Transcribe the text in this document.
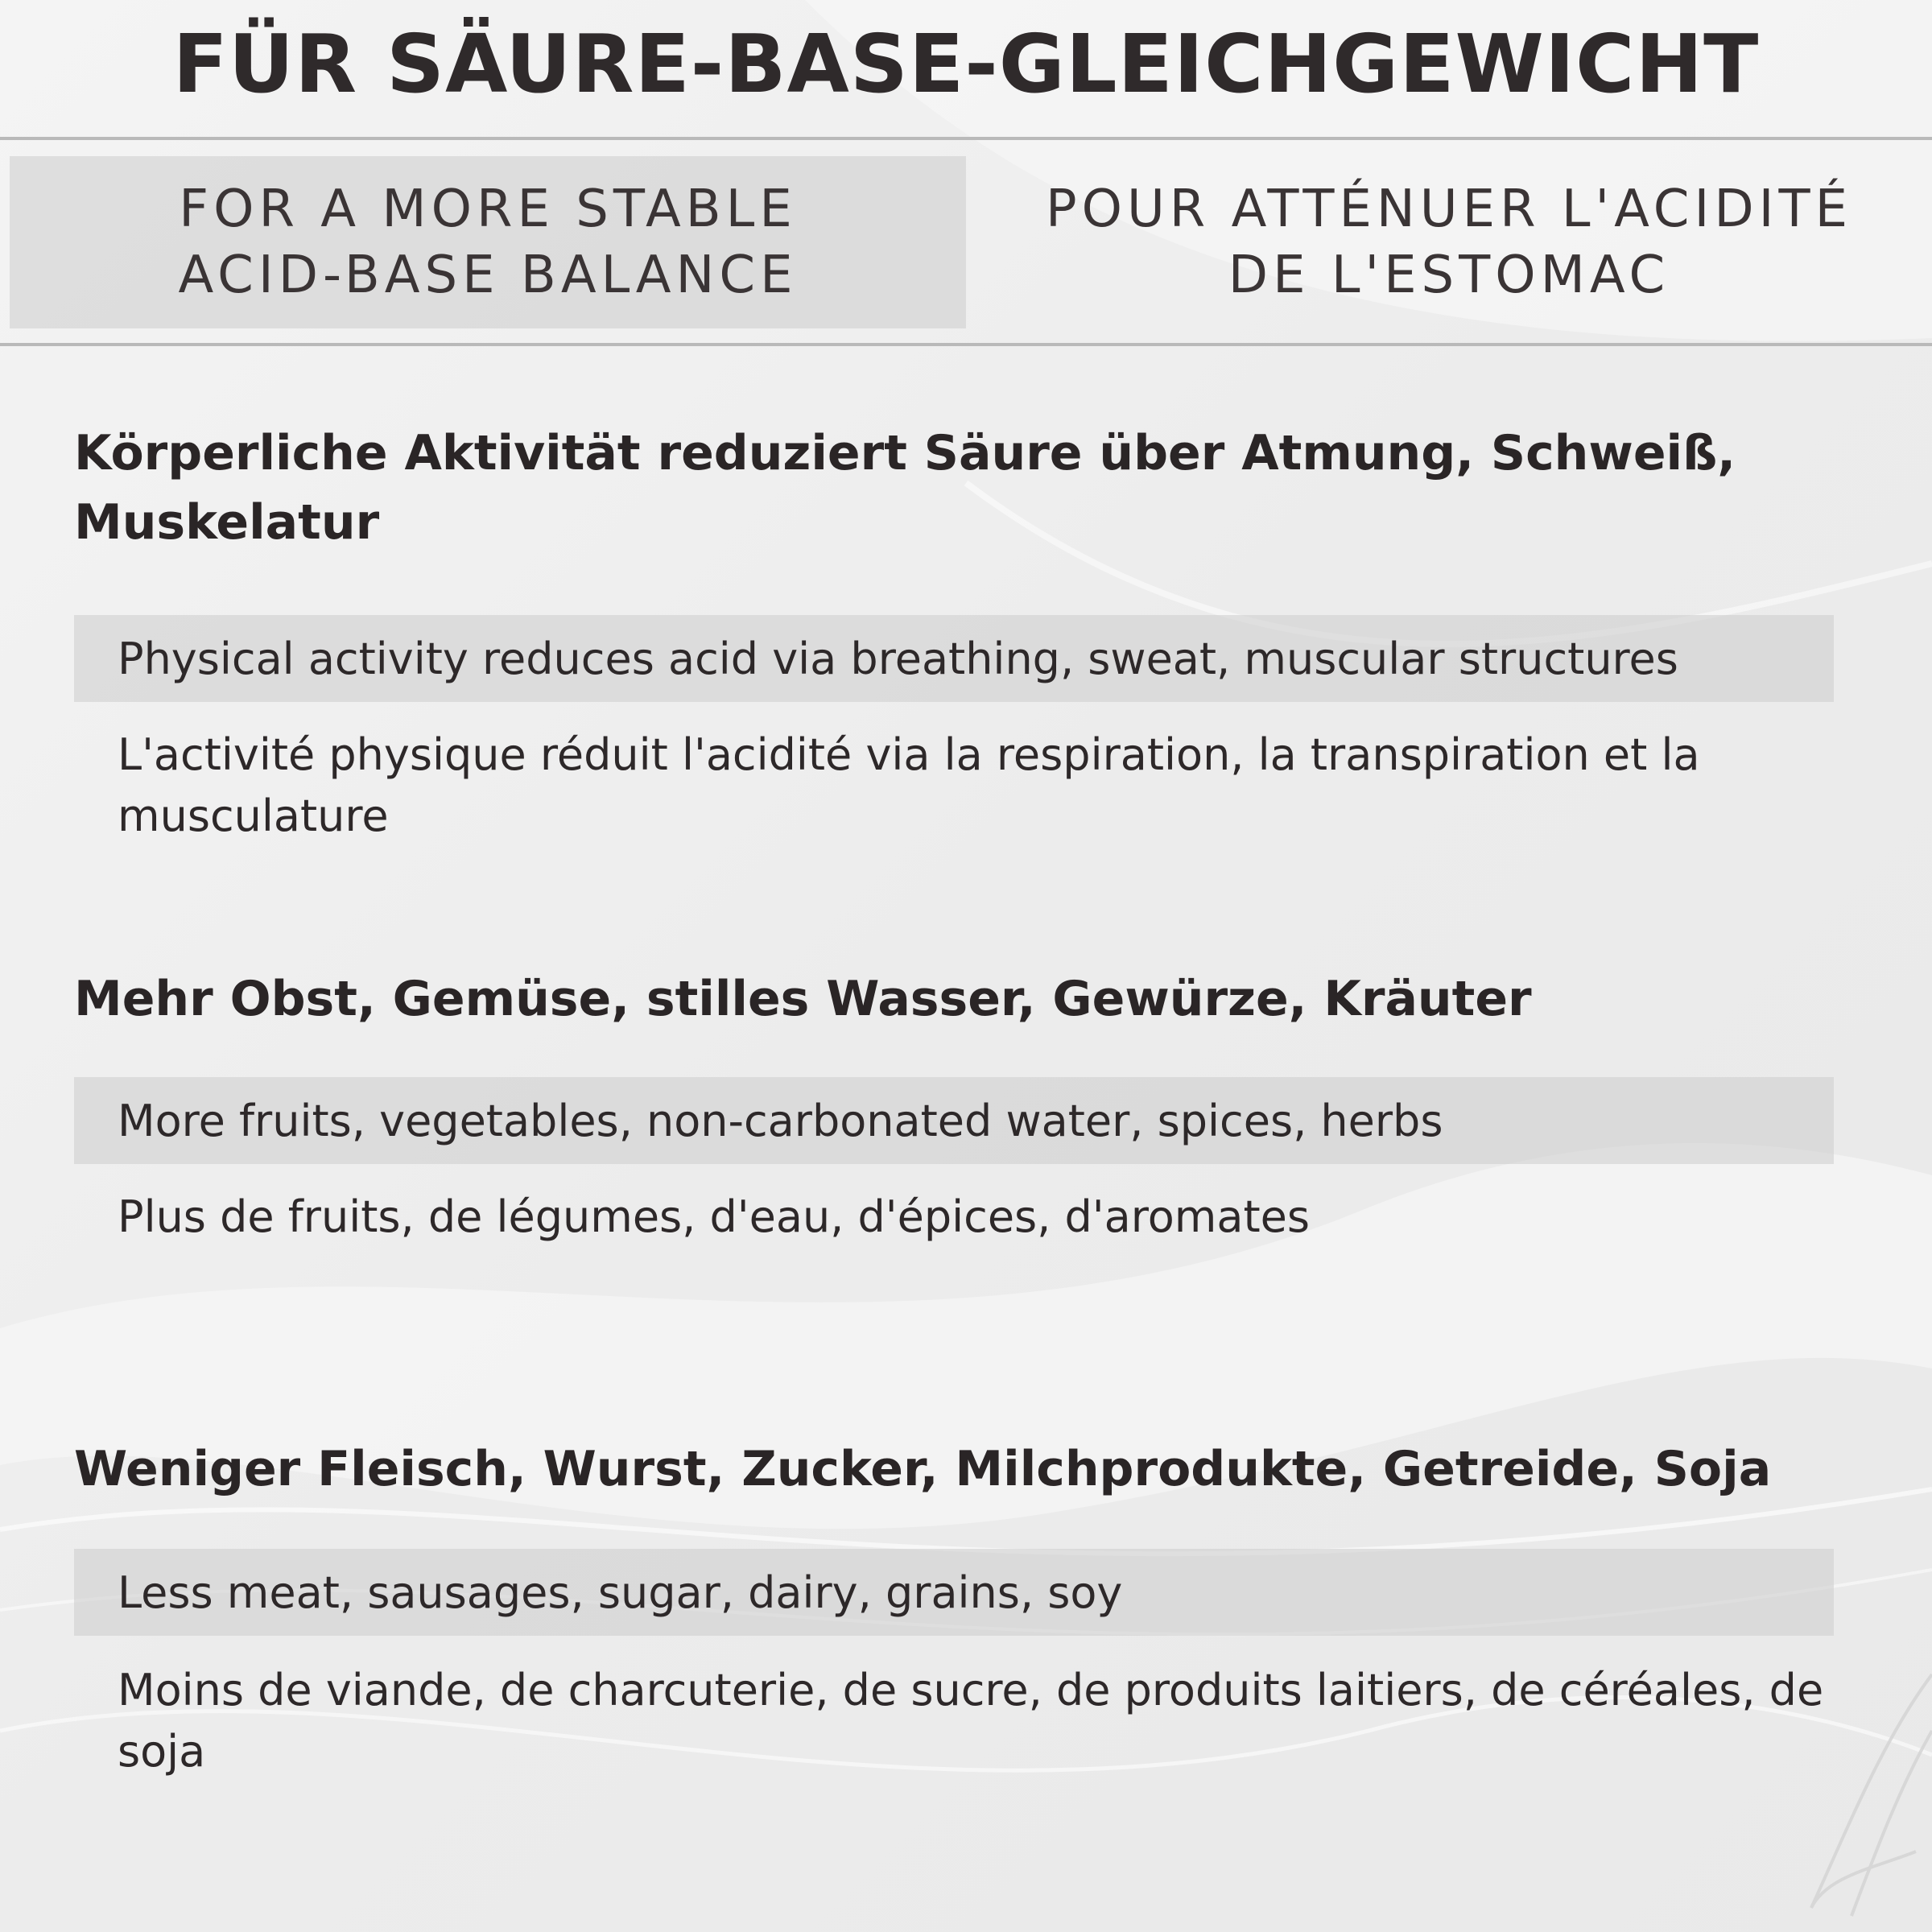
FÜR SÄURE-BASE-GLEICHGEWICHT
FOR A MORE STABLE
ACID-BASE BALANCE
POUR ATTÉNUER L'ACIDITÉ
DE L'ESTOMAC
Körperliche Aktivität reduziert Säure über Atmung, Schweiß, Muskelatur
Physical activity reduces acid via breathing, sweat, muscular structures
L'activité physique réduit l'acidité via la respiration, la transpiration et la musculature
Mehr Obst, Gemüse, stilles Wasser, Gewürze, Kräuter
More fruits, vegetables, non-carbonated water, spices, herbs
Plus de fruits, de légumes, d'eau, d'épices, d'aromates
Weniger Fleisch, Wurst, Zucker, Milchprodukte, Getreide, Soja
Less meat, sausages, sugar, dairy, grains, soy
Moins de viande, de charcuterie, de sucre, de produits laitiers, de céréales, de soja
